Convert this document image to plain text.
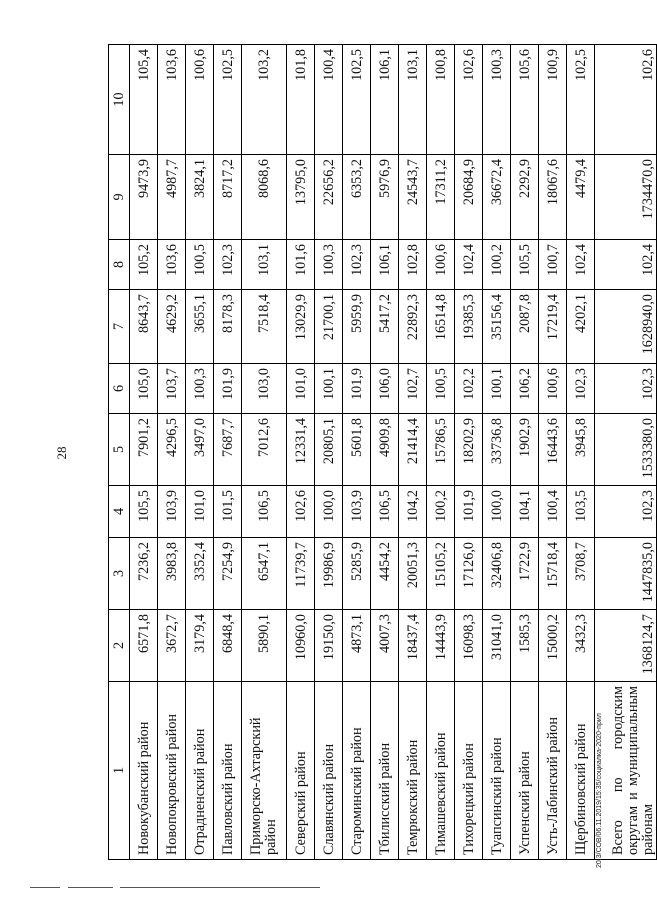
28
1	2	3	4	5	6	7	8	9	10
Новокубанский район	6571,8	7236,2	105,5	7901,2	105,0	8643,7	105,2	9473,9	105,4
Новопокровский район	3672,7	3983,8	103,9	4296,5	103,7	4629,2	103,6	4987,7	103,6
Отрадненский район	3179,4	3352,4	101,0	3497,0	100,3	3655,1	100,5	3824,1	100,6
Павловский район	6848,4	7254,9	101,5	7687,7	101,9	8178,3	102,3	8717,2	102,5
Приморско-Ахтарский район	5890,1	6547,1	106,5	7012,6	103,0	7518,4	103,1	8068,6	103,2
Северский район	10960,0	11739,7	102,6	12331,4	101,0	13029,9	101,6	13795,0	101,8
Славянский район	19150,0	19986,9	100,0	20805,1	100,1	21700,1	100,3	22656,2	100,4
Староминский район	4873,1	5285,9	103,9	5601,8	101,9	5959,9	102,3	6353,2	102,5
Тбилисский район	4007,3	4454,2	106,5	4909,8	106,0	5417,2	106,1	5976,9	106,1
Темрюкский район	18437,4	20051,3	104,2	21414,4	102,7	22892,3	102,8	24543,7	103,1
Тимашевский район	14443,9	15105,2	100,2	15786,5	100,5	16514,8	100,6	17311,2	100,8
Тихорецкий район	16098,3	17126,0	101,9	18202,9	102,2	19385,3	102,4	20684,9	102,6
Туапсинский район	31041,0	32406,8	100,0	33736,8	100,1	35156,4	100,2	36672,4	100,3
Успенский район	1585,3	1722,9	104,1	1902,9	106,2	2087,8	105,5	2292,9	105,6
Усть-Лабинский район	15000,2	15718,4	100,4	16443,6	100,6	17219,4	100,7	18067,6	100,9
Щербиновский район	3432,3	3708,7	103,5	3945,8	102,3	4202,1	102,4	4479,4	102,5
Всего по городским округам и муниципальным районам	1368124,7	1447835,0	102,3	1533380,0	102,3	1628940,0	102,4	1734470,0	102,6
20.3/СОВ/06.11.2019/15:35/социалка-2020-прил
